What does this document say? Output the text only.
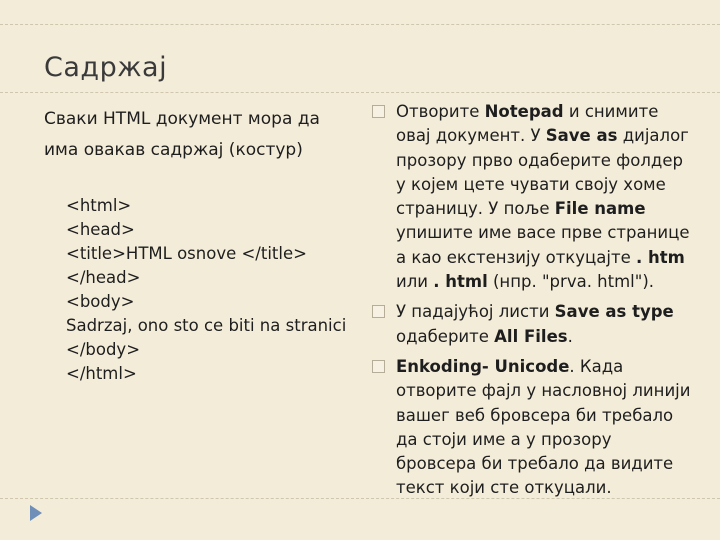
Садржај
Сваки HTML документ мора да има овакав садржај (костур)
<html>
<head>
<title>HTML osnove </title>
</head>
<body>
Sadrzaj, ono sto ce biti na stranici
</body>
</html>
Отворите Notepad и снимите овај документ. У Save as дијалог прозору прво одаберите фолдер у којем цете чувати своју хоме страницу. У поље File name упишите име васе прве странице а као екстензију откуцајте . htm или . html (нпр. "prva. html").
У падајућој листи Save as type одаберите All Files.
Enkoding- Unicode. Када отворите фајл у насловној линији вашег веб бровсера би требало да стоји име а у прозору бровсера би требало да видите текст који сте откуцали.
